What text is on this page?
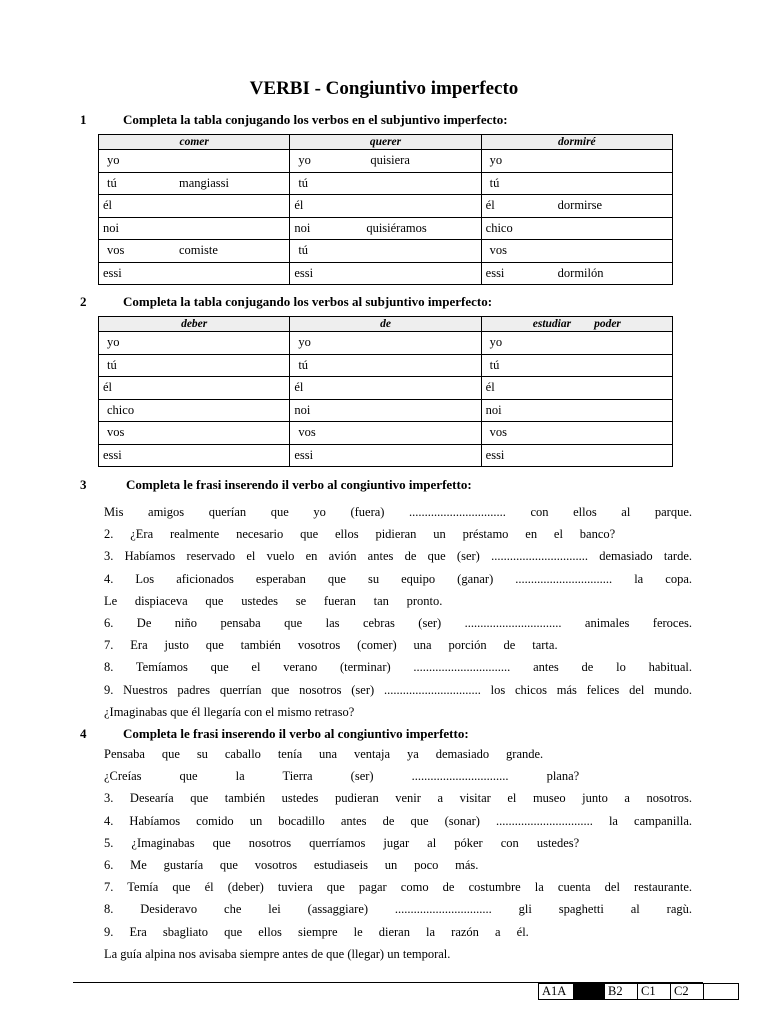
VERBI - Congiuntivo imperfecto
1	Completa la tabla conjugando los verbos en el subjuntivo imperfecto:
comer	querer	dormiré
yo	yo quisiera	yo
tú mangiassi	tú	tú
él	él	él dormirse
noi	noi quisiéramos	chico
vos comiste	tú	vos
essi	essi	essi dormilón
2	Completa la tabla conjugando los verbos al subjuntivo imperfecto:
deber	de	estudiar        poder
yo	yo	yo
tú	tú	tú
él	él	él
chico	noi	noi
vos	vos	vos
essi	essi	essi
3	Completa le frasi inserendo il verbo al congiuntivo imperfetto:
Mis amigos querían que yo (fuera) ............................... con ellos al parque.
2. ¿Era realmente necesario que ellos pidieran un préstamo en el banco?
3. Habíamos reservado el vuelo en avión antes de que (ser) ............................... demasiado tarde.
4. Los aficionados esperaban que su equipo (ganar) ............................... la copa.
Le dispiaceva que ustedes se fueran tan pronto.
6. De niño pensaba que las cebras (ser) ............................... animales feroces.
7. Era justo que también vosotros (comer) una porción de tarta.
8. Temíamos que el verano (terminar) ............................... antes de lo habitual.
9. Nuestros padres querrían que nosotros (ser) ............................... los chicos más felices del mundo.
¿Imaginabas que él llegaría con el mismo retraso?
4	Completa le frasi inserendo il verbo al congiuntivo imperfetto:
Pensaba que su caballo tenía una ventaja ya demasiado grande.
¿Creías que la Tierra (ser) ............................... plana?
3. Desearía que también ustedes pudieran venir a visitar el museo junto a nosotros.
4. Habíamos comido un bocadillo antes de que (sonar) ............................... la campanilla.
5. ¿Imaginabas que nosotros querríamos jugar al póker con ustedes?
6. Me gustaría que vosotros estudiaseis un poco más.
7. Temía que él (deber) tuviera que pagar como de costumbre la cuenta del restaurante.
8. Desideravo che lei (assaggiare) ............................... gli spaghetti al ragù.
9. Era sbagliato que ellos siempre le dieran la razón a él.
La guía alpina nos avisaba siempre antes de que (llegar) un temporal.
A1A		B2	C1	C2	
